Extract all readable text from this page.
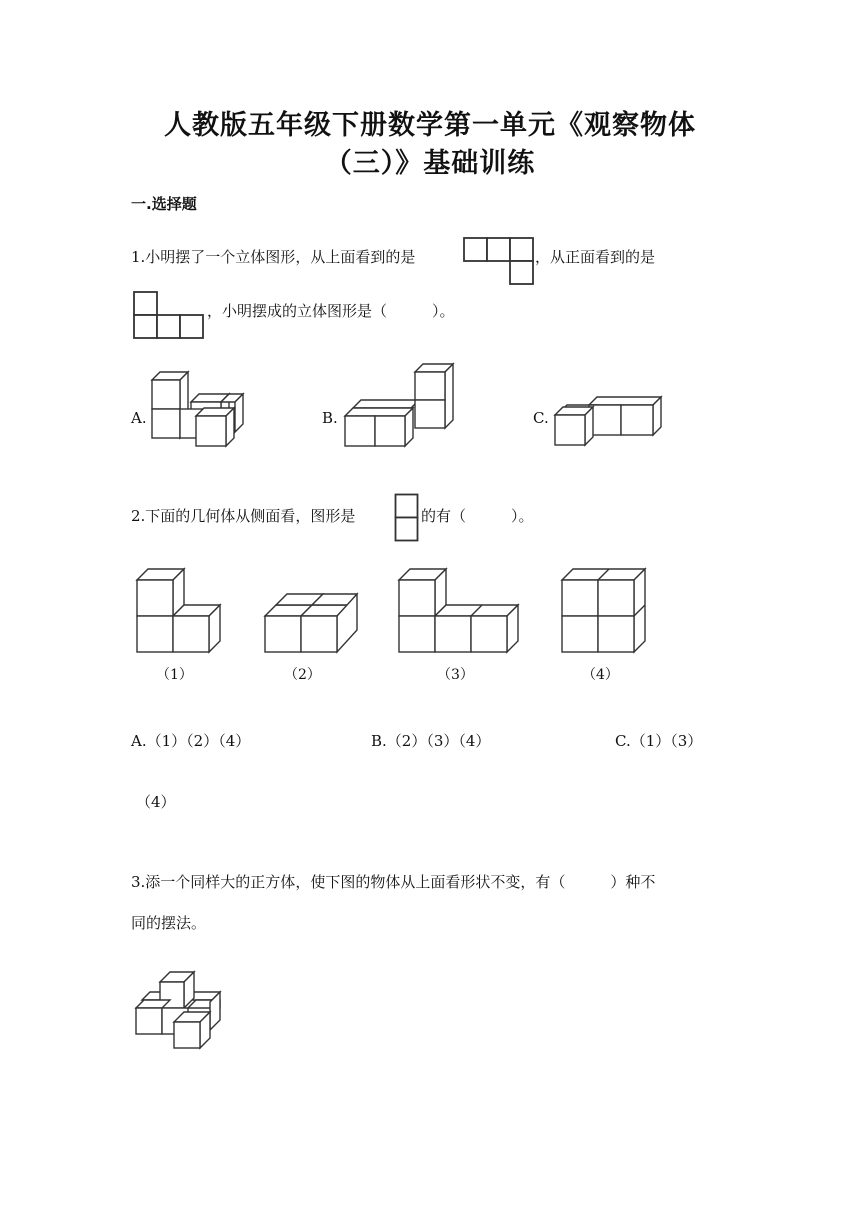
人教版五年级下册数学第一单元《观察物体
（三）》基础训练
一.选择题
1.小明摆了一个立体图形，从上面看到的是	，从正面看到的是
，小明摆成的立体图形是（　　　）。
A.	B.	C.
2.下面的几何体从侧面看，图形是	的有（　　　）。
（1）	（2）	（3）	（4）
A.（1）（2）（4）	B.（2）（3）（4）	C.（1）（3）
（4）
3.添一个同样大的正方体，使下图的物体从上面看形状不变，有（　　　）种不
同的摆法。
